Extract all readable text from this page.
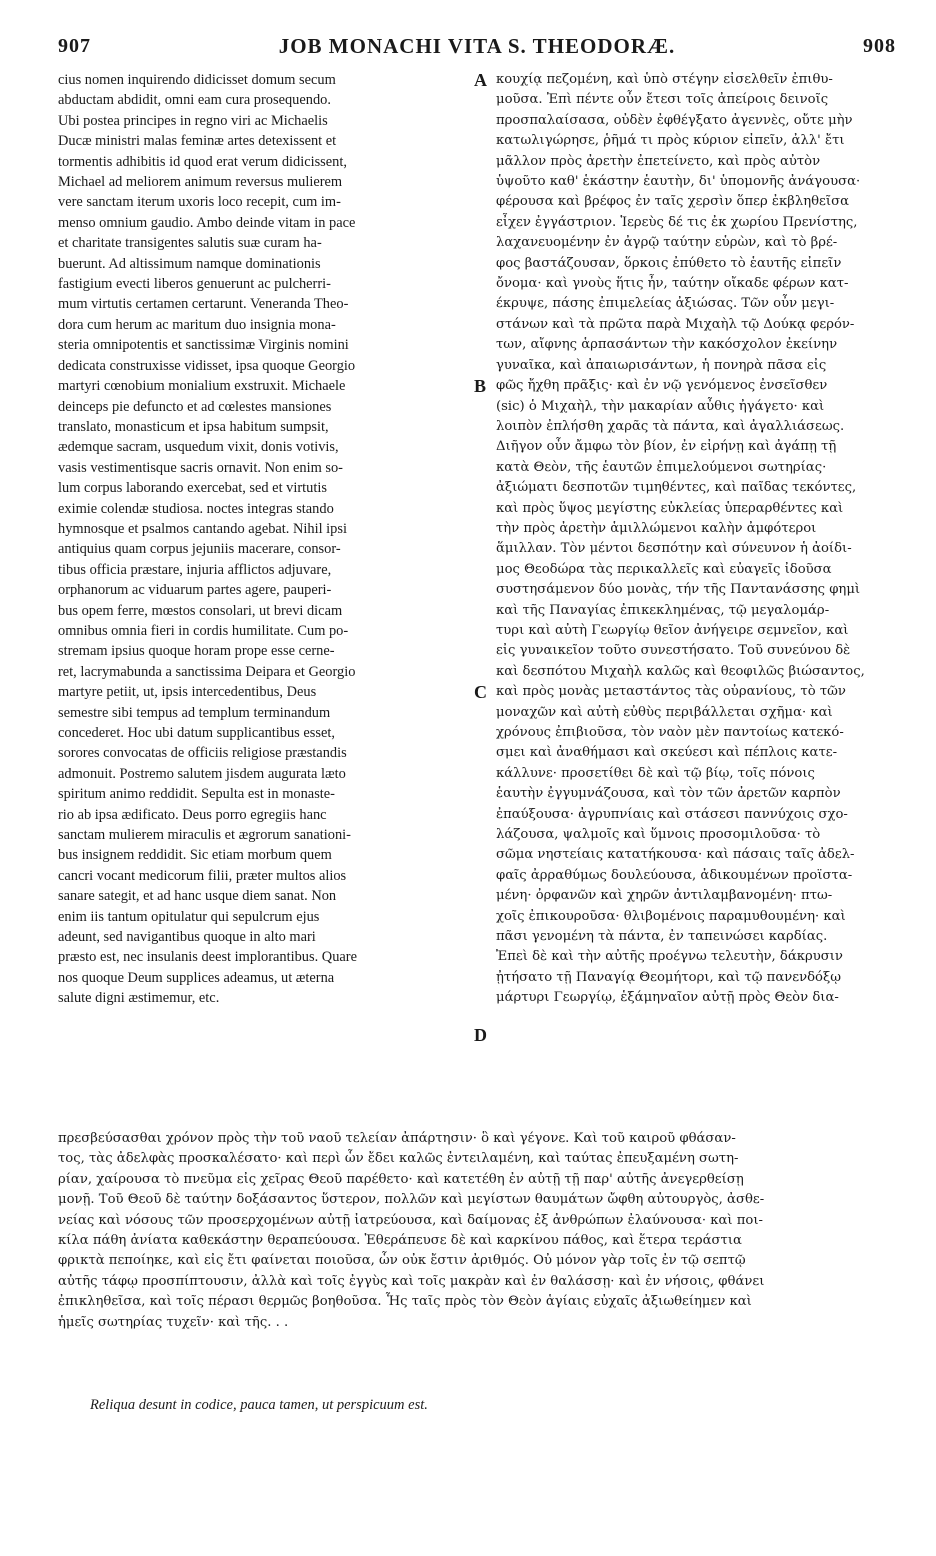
907	JOB MONACHI VITA S. THEODORÆ.	908
cius nomen inquirendo didicisset domum secum
abductam abdidit, omni eam cura prosequendo.
Ubi postea principes in regno viri ac Michaelis
Ducæ ministri malas feminæ artes detexissent et
tormentis adhibitis id quod erat verum didicissent,
Michael ad meliorem animum reversus mulierem
vere sanctam iterum uxoris loco recepit, cum im-
menso omnium gaudio. Ambo deinde vitam in pace
et charitate transigentes salutis suæ curam ha-
buerunt. Ad altissimum namque dominationis
fastigium evecti liberos genuerunt ac pulcherri-
mum virtutis certamen certarunt. Veneranda Theo-
dora cum herum ac maritum duo insignia mona-
steria omnipotentis et sanctissimæ Virginis nomini
dedicata construxisse vidisset, ipsa quoque Georgio
martyri cœnobium monialium exstruxit. Michaele
deinceps pie defuncto et ad cœlestes mansiones
translato, monasticum et ipsa habitum sumpsit,
ædemque sacram, usquedum vixit, donis votivis,
vasis vestimentisque sacris ornavit. Non enim so-
lum corpus laborando exercebat, sed et virtutis
eximie colendæ studiosa. noctes integras stando
hymnosque et psalmos cantando agebat. Nihil ipsi
antiquius quam corpus jejuniis macerare, consor-
tibus officia præstare, injuria afflictos adjuvare,
orphanorum ac viduarum partes agere, pauperi-
bus opem ferre, mœstos consolari, ut brevi dicam
omnibus omnia fieri in cordis humilitate. Cum po-
stremam ipsius quoque horam prope esse cerne-
ret, lacrymabunda a sanctissima Deipara et Georgio
martyre petiit, ut, ipsis intercedentibus, Deus
semestre sibi tempus ad templum terminandum
concederet. Hoc ubi datum supplicantibus esset,
sorores convocatas de officiis religiose præstandis
admonuit. Postremo salutem jisdem augurata læto
spiritum animo reddidit. Sepulta est in monaste-
rio ab ipsa ædificato. Deus porro egregiis hanc
sanctam mulierem miraculis et ægrorum sanationi-
bus insignem reddidit. Sic etiam morbum quem
cancri vocant medicorum filii, præter multos alios
sanare sategit, et ad hanc usque diem sanat. Non
enim iis tantum opitulatur qui sepulcrum ejus
adeunt, sed navigantibus quoque in alto mari
præsto est, nec insulanis deest implorantibus. Quare
nos quoque Deum supplices adeamus, ut æterna
salute digni æstimemur, etc.
κουχίᾳ πεζομένη, καὶ ὑπὸ στέγην εἰσελθεῖν ἐπιθυ-
μοῦσα. Ἐπὶ πέντε οὖν ἔτεσι τοῖς ἀπείροις δεινοῖς
προσπαλαίσασα, οὐδὲν ἐφθέγξατο ἀγεννὲς, οὔτε μὴν
κατωλιγώρησε, ῥῆμά τι πρὸς κύριον εἰπεῖν, ἀλλ' ἔτι
μᾶλλον πρὸς ἀρετὴν ἐπετείνετο, καὶ πρὸς αὐτὸν
ὑψοῦτο καθ' ἑκάστην ἑαυτὴν, δι' ὑπομονῆς ἀνάγουσα·
φέρουσα καὶ βρέφος ἐν ταῖς χερσὶν ὅπερ ἐκβληθεῖσα
εἶχεν ἐγγάστριον. Ἱερεὺς δέ τις ἐκ χωρίου Πρενίστης,
λαχανευομένην ἐν ἀγρῷ ταύτην εὑρὼν, καὶ τὸ βρέ-
φος βαστάζουσαν, ὅρκοις ἐπύθετο τὸ ἑαυτῆς εἰπεῖν
ὄνομα· καὶ γνοὺς ἥτις ἦν, ταύτην οἴκαδε φέρων κατ-
έκρυψε, πάσης ἐπιμελείας ἀξιώσας. Τῶν οὖν μεγι-
στάνων καὶ τὰ πρῶτα παρὰ Μιχαὴλ τῷ Δούκᾳ φερόν-
των, αἴφνης ἁρπασάντων τὴν κακόσχολον ἐκείνην
γυναῖκα, καὶ ἀπαιωρισάντων, ἡ πονηρὰ πᾶσα εἰς
φῶς ἤχθη πρᾶξις· καὶ ἐν νῷ γενόμενος ἐνσεῖσθεν
(sic) ὁ Μιχαὴλ, τὴν μακαρίαν αὖθις ἠγάγετο· καὶ
λοιπὸν ἐπλήσθη χαρᾶς τὰ πάντα, καὶ ἀγαλλιάσεως.
Διῆγον οὖν ἄμφω τὸν βίον, ἐν εἰρήνῃ καὶ ἀγάπῃ τῇ
κατὰ Θεὸν, τῆς ἑαυτῶν ἐπιμελούμενοι σωτηρίας·
ἀξιώματι δεσποτῶν τιμηθέντες, καὶ παῖδας τεκόντες,
καὶ πρὸς ὕψος μεγίστης εὐκλείας ὑπεραρθέντες καὶ
τὴν πρὸς ἀρετὴν ἁμιλλώμενοι καλὴν ἀμφότεροι
ἅμιλλαν. Τὸν μέντοι δεσπότην καὶ σύνευνον ἡ ἀοίδι-
μος Θεοδώρα τὰς περικαλλεῖς καὶ εὐαγεῖς ἰδοῦσα
συστησάμενον δύο μονὰς, τήν τῆς Παντανάσσης φημὶ
καὶ τῆς Παναγίας ἐπικεκλημένας, τῷ μεγαλομάρ-
τυρι καὶ αὐτὴ Γεωργίῳ θεῖον ἀνήγειρε σεμνεῖον, καὶ
εἰς γυναικεῖον τοῦτο συνεστήσατο. Τοῦ συνεύνου δὲ
καὶ δεσπότου Μιχαὴλ καλῶς καὶ θεοφιλῶς βιώσαντος,
καὶ πρὸς μονὰς μεταστάντος τὰς οὐρανίους, τὸ τῶν
μοναχῶν καὶ αὐτὴ εὐθὺς περιβάλλεται σχῆμα· καὶ
χρόνους ἐπιβιοῦσα, τὸν ναὸν μὲν παντοίως κατεκό-
σμει καὶ ἀναθήμασι καὶ σκεύεσι καὶ πέπλοις κατε-
κάλλυνε· προσετίθει δὲ καὶ τῷ βίῳ, τοῖς πόνοις
ἑαυτὴν ἐγγυμνάζουσα, καὶ τὸν τῶν ἀρετῶν καρπὸν
ἐπαύξουσα· ἀγρυπνίαις καὶ στάσεσι παννύχοις σχο-
λάζουσα, ψαλμοῖς καὶ ὕμνοις προσομιλοῦσα· τὸ
σῶμα νηστείαις κατατήκουσα· καὶ πάσαις ταῖς ἀδελ-
φαῖς ἀρραθύμως δουλεύουσα, ἀδικουμένων προϊστα-
μένη· ὀρφανῶν καὶ χηρῶν ἀντιλαμβανομένη· πτω-
χοῖς ἐπικουροῦσα· θλιβομένοις παραμυθουμένη· καὶ
πᾶσι γενομένη τὰ πάντα, ἐν ταπεινώσει καρδίας.
Ἐπεὶ δὲ καὶ τὴν αὐτῆς προέγνω τελευτὴν, δάκρυσιν
ᾐτήσατο τῇ Παναγίᾳ Θεομήτορι, καὶ τῷ πανενδόξῳ
μάρτυρι Γεωργίῳ, ἑξάμηναῖον αὐτῇ πρὸς Θεὸν δια-
A
B
C
D
πρεσβεύσασθαι χρόνον πρὸς τὴν τοῦ ναοῦ τελείαν ἀπάρτησιν· ὃ καὶ γέγονε. Καὶ τοῦ καιροῦ φθάσαν-
τος, τὰς ἀδελφὰς προσκαλέσατο· καὶ περὶ ὧν ἔδει καλῶς ἐντειλαμένη, καὶ ταύτας ἐπευξαμένη σωτη-
ρίαν, χαίρουσα τὸ πνεῦμα εἰς χεῖρας Θεοῦ παρέθετο· καὶ κατετέθη ἐν αὐτῇ τῇ παρ' αὐτῆς ἀνεγερθείσῃ
μονῇ. Τοῦ Θεοῦ δὲ ταύτην δοξάσαντος ὕστερον, πολλῶν καὶ μεγίστων θαυμάτων ὤφθη αὐτουργὸς, ἀσθε-
νείας καὶ νόσους τῶν προσερχομένων αὐτῇ ἰατρεύουσα, καὶ δαίμονας ἐξ ἀνθρώπων ἐλαύνουσα· καὶ ποι-
κίλα πάθη ἀνίατα καθεκάστην θεραπεύουσα. Ἐθεράπευσε δὲ καὶ καρκίνου πάθος, καὶ ἕτερα τεράστια
φρικτὰ πεποίηκε, καὶ εἰς ἔτι φαίνεται ποιοῦσα, ὧν οὐκ ἔστιν ἀριθμός. Οὐ μόνον γὰρ τοῖς ἐν τῷ σεπτῷ
αὐτῆς τάφῳ προσπίπτουσιν, ἀλλὰ καὶ τοῖς ἐγγὺς καὶ τοῖς μακρὰν καὶ ἐν θαλάσσῃ· καὶ ἐν νήσοις, φθάνει
ἐπικληθεῖσα, καὶ τοῖς πέρασι θερμῶς βοηθοῦσα. Ἧς ταῖς πρὸς τὸν Θεὸν ἁγίαις εὐχαῖς ἀξιωθείημεν καὶ
ἡμεῖς σωτηρίας τυχεῖν· καὶ τῆς. . .
Reliqua desunt in codice, pauca tamen, ut perspicuum est.
